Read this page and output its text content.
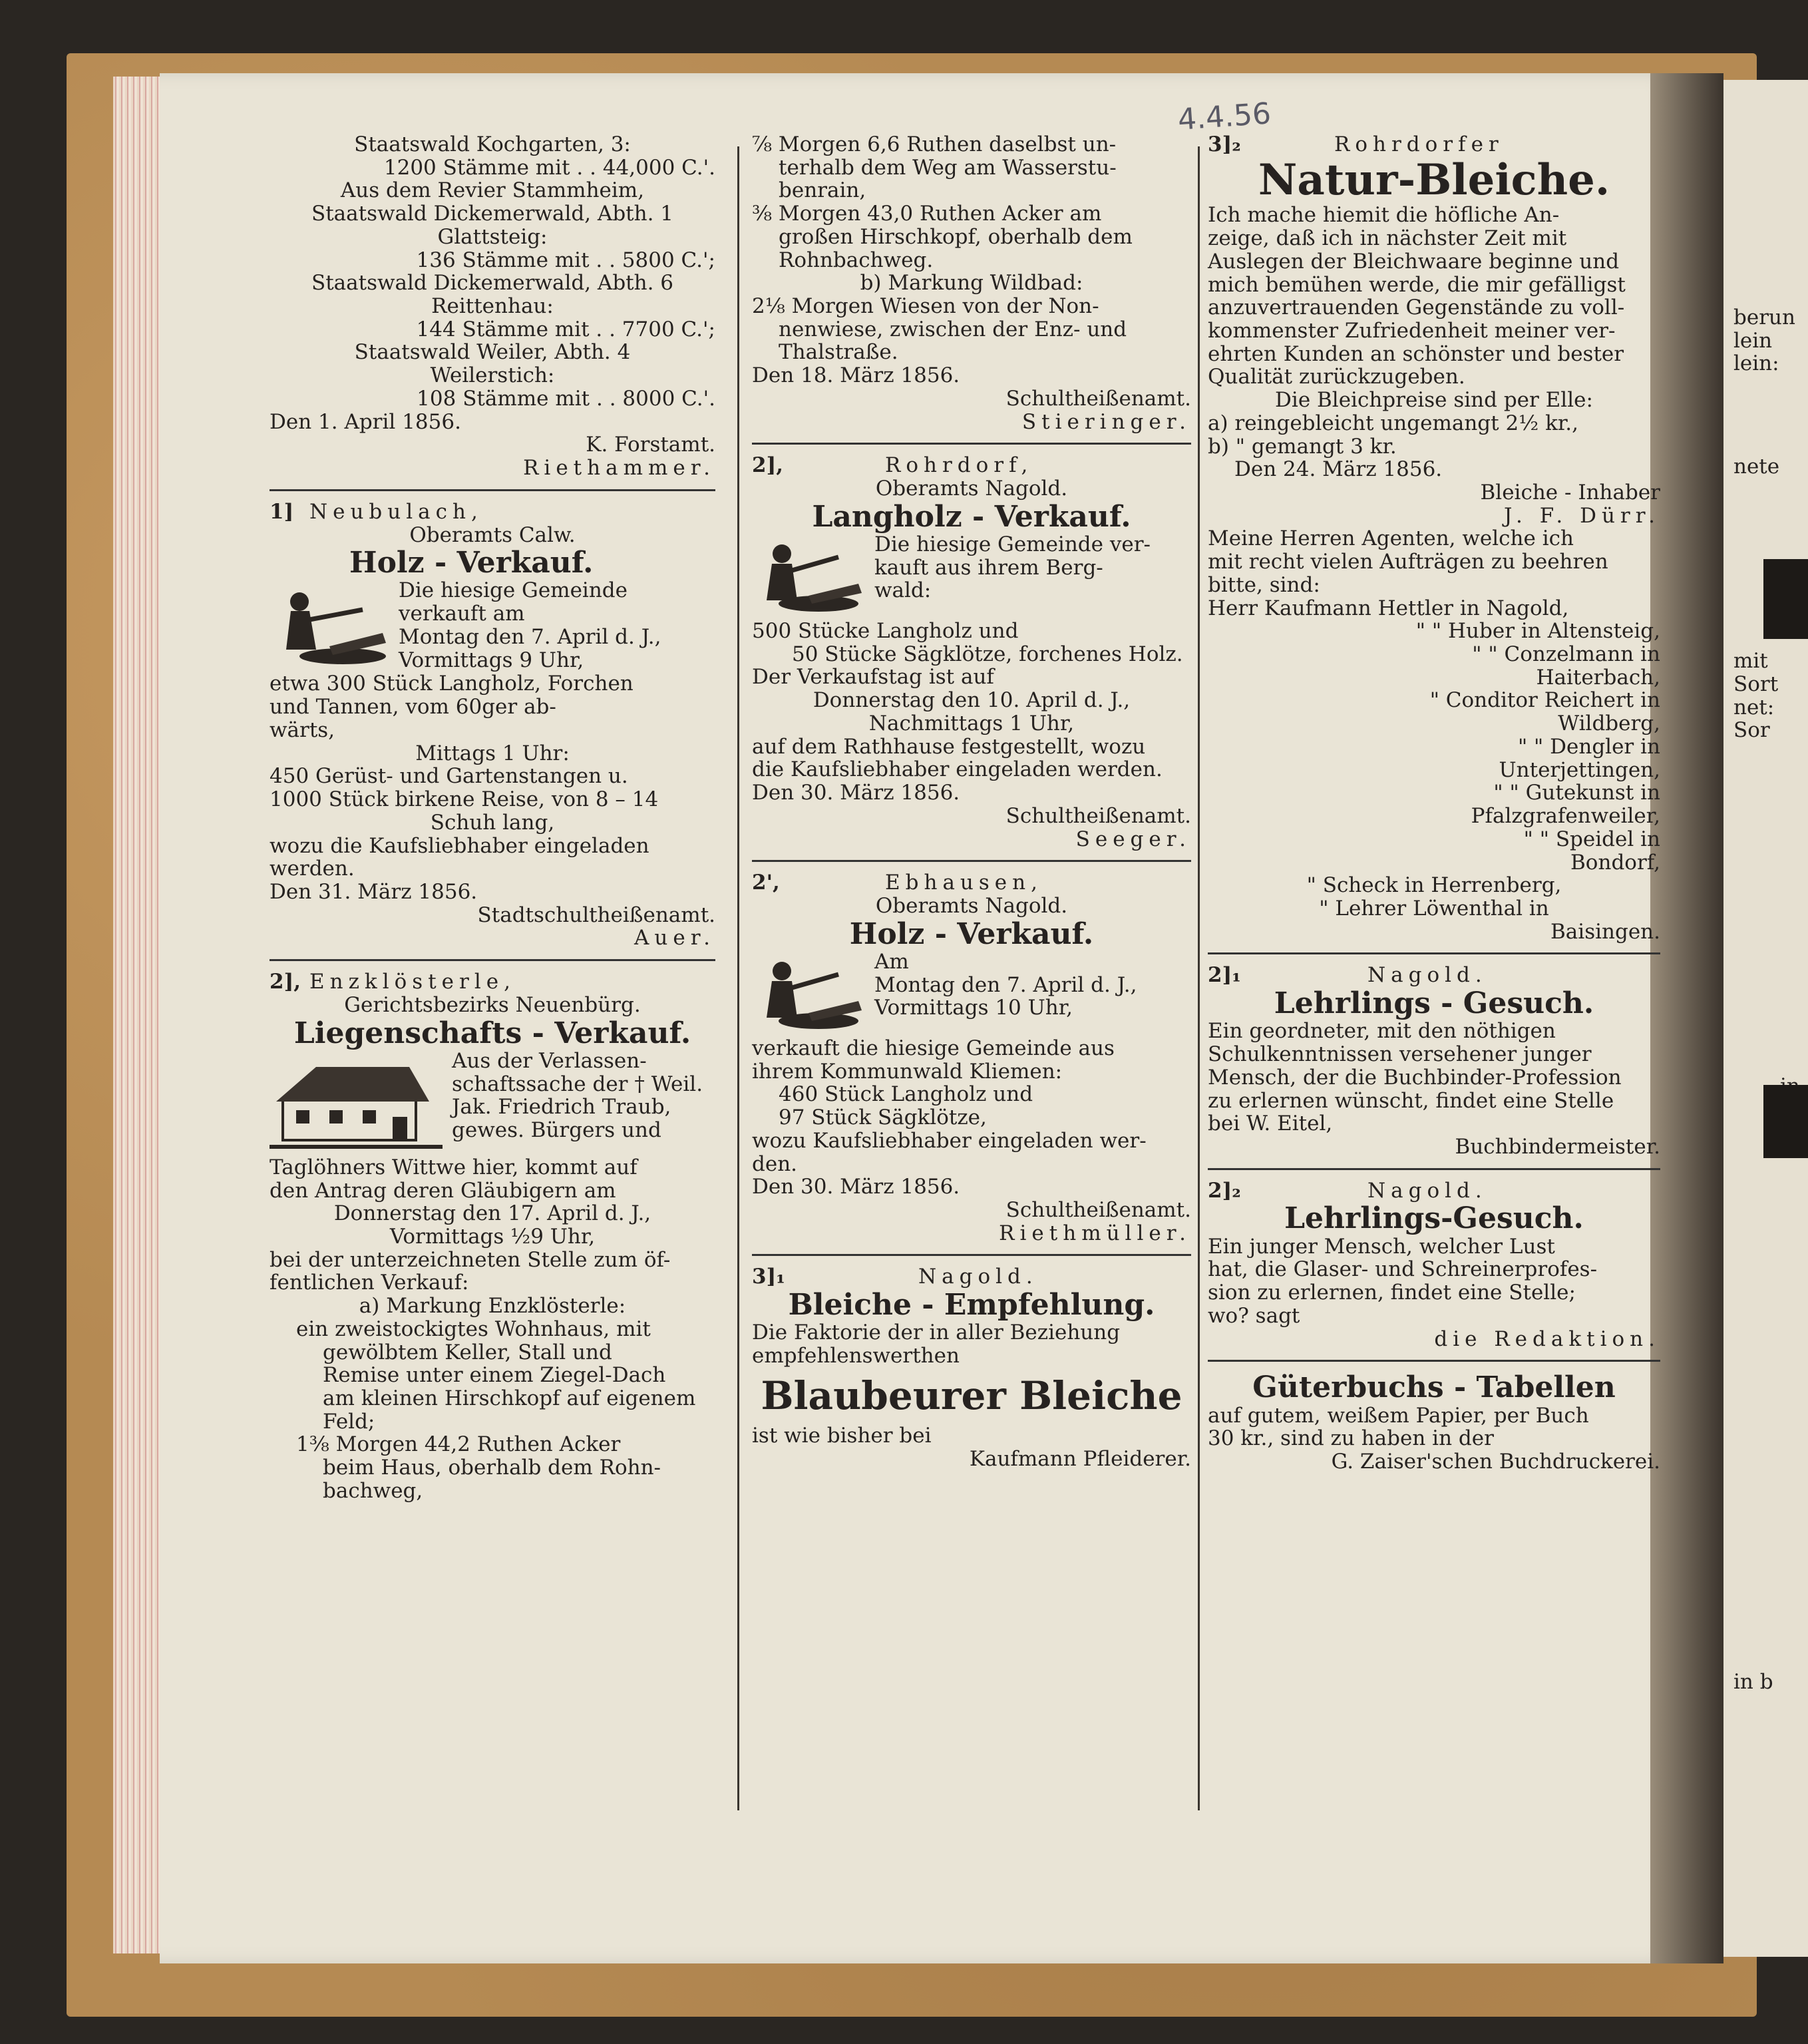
4.4.56

Staatswald Kochgarten, 3:

1200 Stämme mit . . 44,000 C.'.

Aus dem Revier Stammheim,

Staatswald Dickemerwald, Abth. 1

Glattsteig:

136 Stämme mit . . 5800 C.';

Staatswald Dickemerwald, Abth. 6

Reittenhau:

144 Stämme mit . . 7700 C.';

Staatswald Weiler, Abth. 4

Weilerstich:

108 Stämme mit . . 8000 C.'.

Den 1. April 1856.

K. Forstamt.

Riethammer.

1] Neubulach,

Oberamts Calw.

Holz - Verkauf.

Die hiesige Gemeinde

verkauft am

Montag den 7. April d. J.,

Vormittags 9 Uhr,

etwa 300 Stück Langholz, Forchen

und Tannen, vom 60ger ab-

wärts,

Mittags 1 Uhr:

450 Gerüst- und Gartenstangen u.

1000 Stück birkene Reise, von 8 – 14

Schuh lang,

wozu die Kaufsliebhaber eingeladen

werden.

Den 31. März 1856.

Stadtschultheißenamt.

Auer.

2], Enzklösterle,

Gerichtsbezirks Neuenbürg.

Liegenschafts - Verkauf.

Aus der Verlassen-

schaftssache der † Weil.

Jak. Friedrich Traub,

gewes. Bürgers und

Taglöhners Wittwe hier, kommt auf

den Antrag deren Gläubigern am

Donnerstag den 17. April d. J.,

Vormittags ½9 Uhr,

bei der unterzeichneten Stelle zum öf-

fentlichen Verkauf:

a) Markung Enzklösterle:

ein zweistockigtes Wohnhaus, mit

gewölbtem Keller, Stall und

Remise unter einem Ziegel-Dach

am kleinen Hirschkopf auf eigenem

Feld;

1⅜ Morgen 44,2 Ruthen Acker

beim Haus, oberhalb dem Rohn-

bachweg,

⅞ Morgen 6,6 Ruthen daselbst un-

terhalb dem Weg am Wasserstu-

benrain,

⅜ Morgen 43,0 Ruthen Acker am

großen Hirschkopf, oberhalb dem

Rohnbachweg.

b) Markung Wildbad:

2⅛ Morgen Wiesen von der Non-

nenwiese, zwischen der Enz- und

Thalstraße.

Den 18. März 1856.

Schultheißenamt.

Stieringer.

2],	Rohrdorf,

Oberamts Nagold.

Langholz - Verkauf.

Die hiesige Gemeinde ver-

kauft aus ihrem Berg-

wald:

500 Stücke Langholz und

50 Stücke Sägklötze, forchenes Holz.

Der Verkaufstag ist auf

Donnerstag den 10. April d. J.,

Nachmittags 1 Uhr,

auf dem Rathhause festgestellt, wozu

die Kaufsliebhaber eingeladen werden.

Den 30. März 1856.

Schultheißenamt.

Seeger.

2',	Ebhausen,

Oberamts Nagold.

Holz - Verkauf.

Am

Montag den 7. April d. J.,

Vormittags 10 Uhr,

verkauft die hiesige Gemeinde aus

ihrem Kommunwald Kliemen:

460 Stück Langholz und

97 Stück Sägklötze,

wozu Kaufsliebhaber eingeladen wer-

den.

Den 30. März 1856.

Schultheißenamt.

Riethmüller.

3]₁	Nagold.

Bleiche - Empfehlung.

Die Faktorie der in aller Beziehung

empfehlenswerthen

Blaubeurer Bleiche

ist wie bisher bei

Kaufmann Pfleiderer.

3]₂	Rohrdorfer

Natur-Bleiche.

Ich mache hiemit die höfliche An-

zeige, daß ich in nächster Zeit mit

Auslegen der Bleichwaare beginne und

mich bemühen werde, die mir gefälligst

anzuvertrauenden Gegenstände zu voll-

kommenster Zufriedenheit meiner ver-

ehrten Kunden an schönster und bester

Qualität zurückzugeben.

Die Bleichpreise sind per Elle:

a) reingebleicht ungemangt 2½ kr.,

b) " gemangt 3 kr.

Den 24. März 1856.

Bleiche - Inhaber

J. F. Dürr.

Meine Herren Agenten, welche ich

mit recht vielen Aufträgen zu beehren

bitte, sind:

Herr Kaufmann Hettler in Nagold,

" " Huber in Altensteig,

" " Conzelmann in

Haiterbach,

" Conditor Reichert in

Wildberg,

" " Dengler in

Unterjettingen,

" " Gutekunst in

Pfalzgrafenweiler,

" " Speidel in

Bondorf,

" Scheck in Herrenberg,

" Lehrer Löwenthal in

Baisingen.

2]₁	Nagold.

Lehrlings - Gesuch.

Ein geordneter, mit den nöthigen

Schulkenntnissen versehener junger

Mensch, der die Buchbinder-Profession

zu erlernen wünscht, findet eine Stelle

bei W. Eitel,

Buchbindermeister.

2]₂	Nagold.

Lehrlings-Gesuch.

Ein junger Mensch, welcher Lust

hat, die Glaser- und Schreinerprofes-

sion zu erlernen, findet eine Stelle;

wo? sagt

die Redaktion.

Güterbuchs - Tabellen

auf gutem, weißem Papier, per Buch

30 kr., sind zu haben in der

G. Zaiser'schen Buchdruckerei.

berun

lein

lein:

nete

mit

Sort

net:

Sor

in b
